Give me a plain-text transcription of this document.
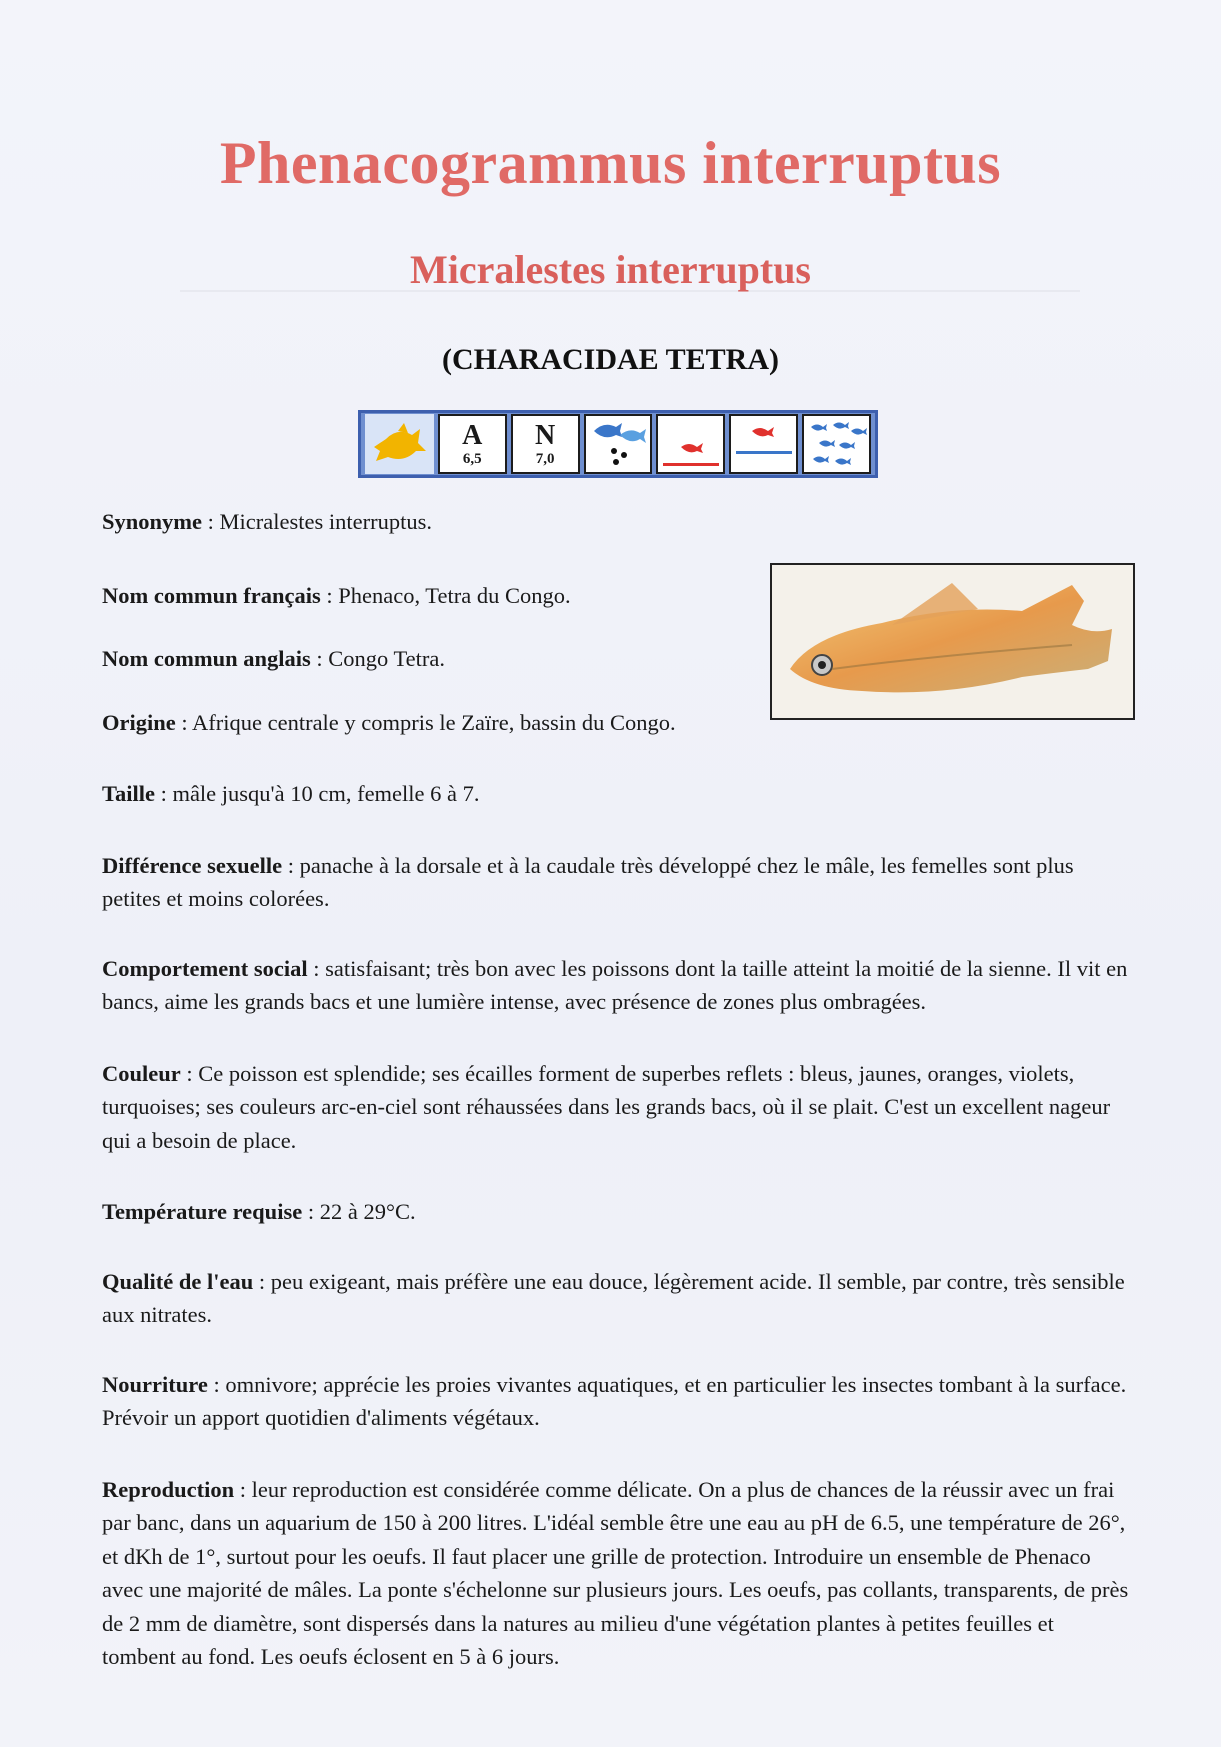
Phenacogrammus interruptus
Micralestes interruptus
(CHARACIDAE TETRA)
A
6,5
N
7,0

Synonyme : Micralestes interruptus.

Nom commun français : Phenaco, Tetra du Congo.

Nom commun anglais : Congo Tetra.

Origine : Afrique centrale y compris le Zaïre, bassin du Congo.

Taille : mâle jusqu'à 10 cm, femelle 6 à 7.

Différence sexuelle : panache à la dorsale et à la caudale très développé chez le mâle, les femelles sont plus petites et moins colorées.

Comportement social : satisfaisant; très bon avec les poissons dont la taille atteint la moitié de la sienne. Il vit en bancs, aime les grands bacs et une lumière intense, avec présence de zones plus ombragées.

Couleur : Ce poisson est splendide; ses écailles forment de superbes reflets : bleus, jaunes, oranges, violets, turquoises; ses couleurs arc-en-ciel sont réhaussées dans les grands bacs, où il se plait. C'est un excellent nageur qui a besoin de place.

Température requise : 22 à 29°C.

Qualité de l'eau : peu exigeant, mais préfère une eau douce, légèrement acide. Il semble, par contre, très sensible aux nitrates.

Nourriture : omnivore; apprécie les proies vivantes aquatiques, et en particulier les insectes tombant à la surface. Prévoir un apport quotidien d'aliments végétaux.

Reproduction : leur reproduction est considérée comme délicate. On a plus de chances de la réussir avec un frai par banc, dans un aquarium de 150 à 200 litres. L'idéal semble être une eau au pH de 6.5, une température de 26°, et dKh de 1°, surtout pour les oeufs. Il faut placer une grille de protection. Introduire un ensemble de Phenaco avec une majorité de mâles. La ponte s'échelonne sur plusieurs jours. Les oeufs, pas collants, transparents, de près de 2 mm de diamètre, sont dispersés dans la natures au milieu d'une végétation plantes à petites feuilles et tombent au fond. Les oeufs éclosent en 5 à 6 jours.
